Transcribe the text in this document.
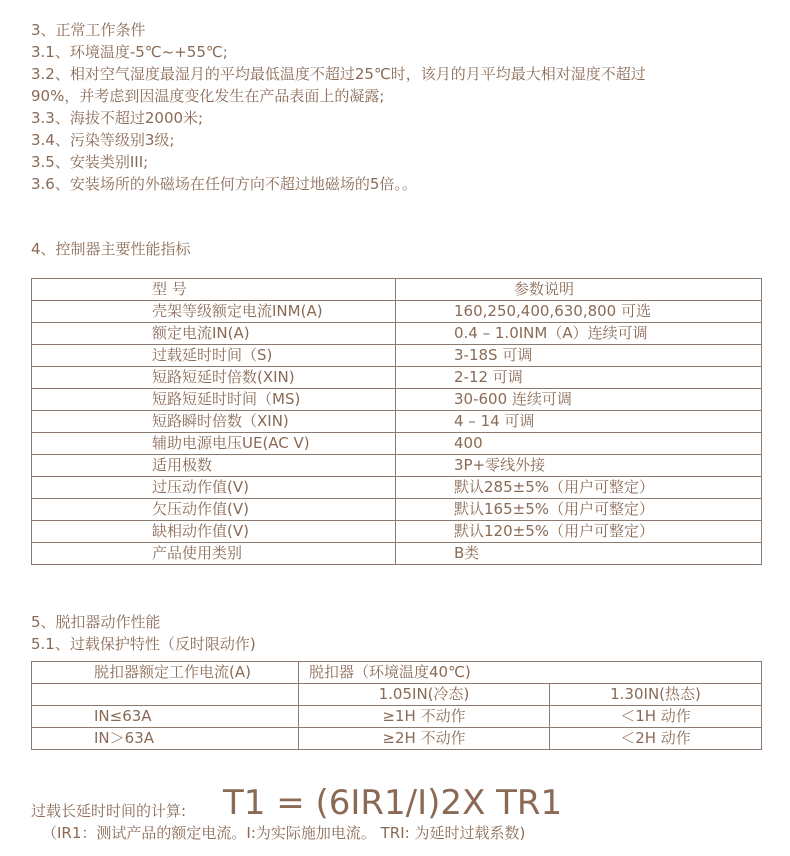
3、正常工作条件
3.1、环境温度-5℃~+55℃;
3.2、相对空气湿度最湿月的平均最低温度不超过25℃时，该月的月平均最大相对湿度不超过
90%，并考虑到因温度变化发生在产品表面上的凝露;
3.3、海拔不超过2000米;
3.4、污染等级别3级;
3.5、安装类别III;
3.6、安装场所的外磁场在任何方向不超过地磁场的5倍。。
4、控制器主要性能指标
型 号	参数说明
壳架等级额定电流INM(A)	160,250,400,630,800 可选
额定电流IN(A)	0.4 – 1.0INM（A）连续可调
过载延时时间（S)	3-18S 可调
短路短延时倍数(XIN)	2-12 可调
短路短延时时间（MS)	30-600 连续可调
短路瞬时倍数（XIN)	4 – 14 可调
辅助电源电压UE(AC V)	400
适用极数	3P+零线外接
过压动作值(V)	默认285±5%（用户可整定）
欠压动作值(V)	默认165±5%（用户可整定）
缺相动作值(V)	默认120±5%（用户可整定）
产品使用类别	B类
5、脱扣器动作性能
5.1、过载保护特性（反时限动作)
脱扣器额定工作电流(A)	脱扣器（环境温度40℃)	
	1.05IN(冷态)	1.30IN(热态)
IN≤63A	≥1H 不动作	＜1H 动作
IN＞63A	≥2H 不动作	＜2H 动作
过载长延时时间的计算: T1 = (6IR1/I)2X TR1
（IR1：测试产品的额定电流。I:为实际施加电流。 TRI: 为延时过载系数)
